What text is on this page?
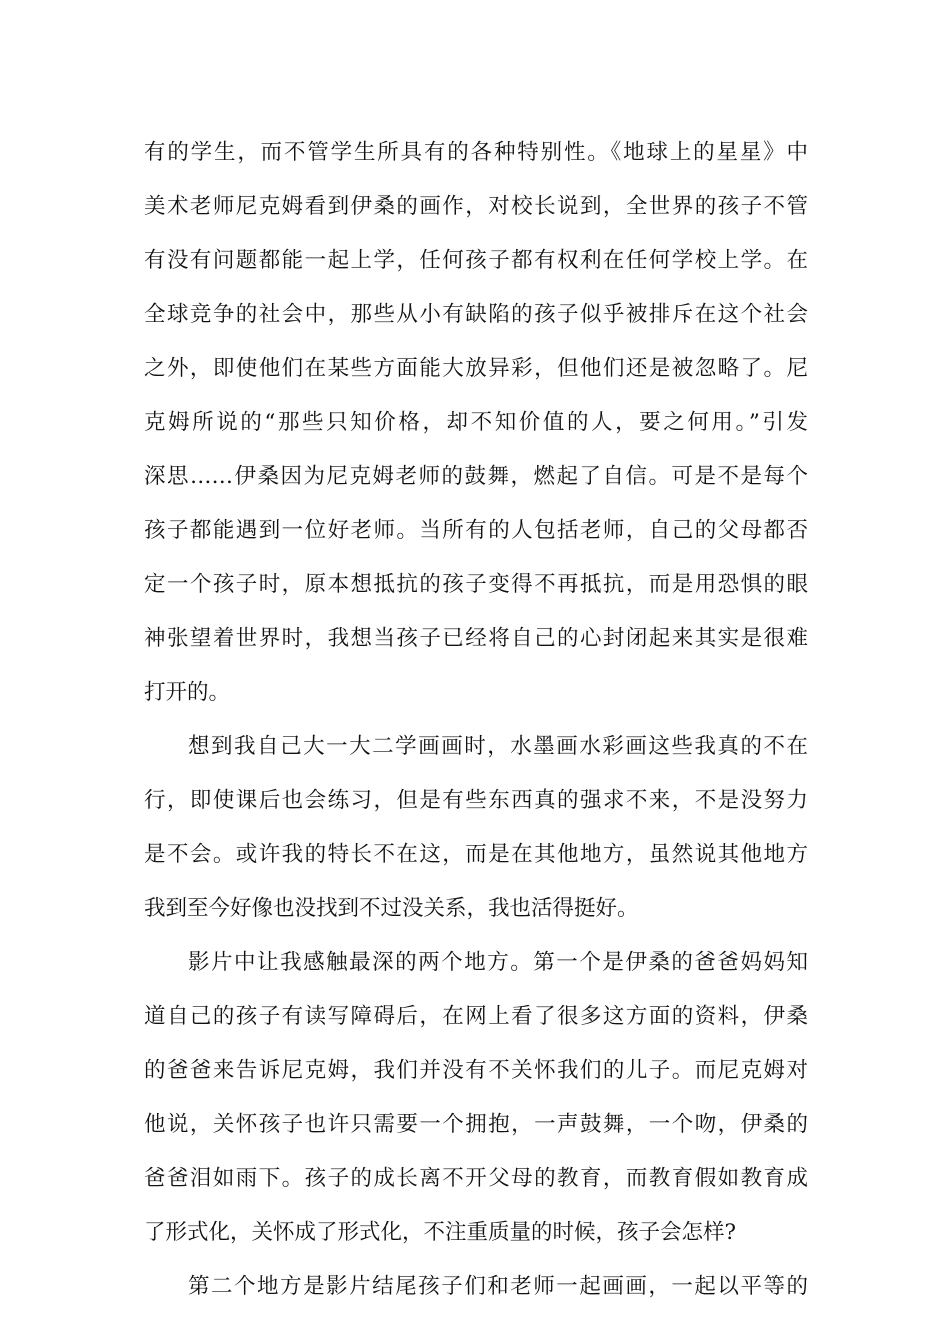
有的学生，而不管学生所具有的各种特别性。《地球上的星星》中
美术老师尼克姆看到伊桑的画作，对校长说到，全世界的孩子不管
有没有问题都能一起上学，任何孩子都有权利在任何学校上学。在
全球竞争的社会中，那些从小有缺陷的孩子似乎被排斥在这个社会
之外，即使他们在某些方面能大放异彩，但他们还是被忽略了。尼
克姆所说的“那些只知价格，却不知价值的人，要之何用。”引发
深思……伊桑因为尼克姆老师的鼓舞，燃起了自信。可是不是每个
孩子都能遇到一位好老师。当所有的人包括老师，自己的父母都否
定一个孩子时，原本想抵抗的孩子变得不再抵抗，而是用恐惧的眼
神张望着世界时，我想当孩子已经将自己的心封闭起来其实是很难
打开的。
想到我自己大一大二学画画时，水墨画水彩画这些我真的不在
行，即使课后也会练习，但是有些东西真的强求不来，不是没努力
是不会。或许我的特长不在这，而是在其他地方，虽然说其他地方
我到至今好像也没找到不过没关系，我也活得挺好。
影片中让我感触最深的两个地方。第一个是伊桑的爸爸妈妈知
道自己的孩子有读写障碍后，在网上看了很多这方面的资料，伊桑
的爸爸来告诉尼克姆，我们并没有不关怀我们的儿子。而尼克姆对
他说，关怀孩子也许只需要一个拥抱，一声鼓舞，一个吻，伊桑的
爸爸泪如雨下。孩子的成长离不开父母的教育，而教育假如教育成
了形式化，关怀成了形式化，不注重质量的时候，孩子会怎样?
第二个地方是影片结尾孩子们和老师一起画画，一起以平等的
